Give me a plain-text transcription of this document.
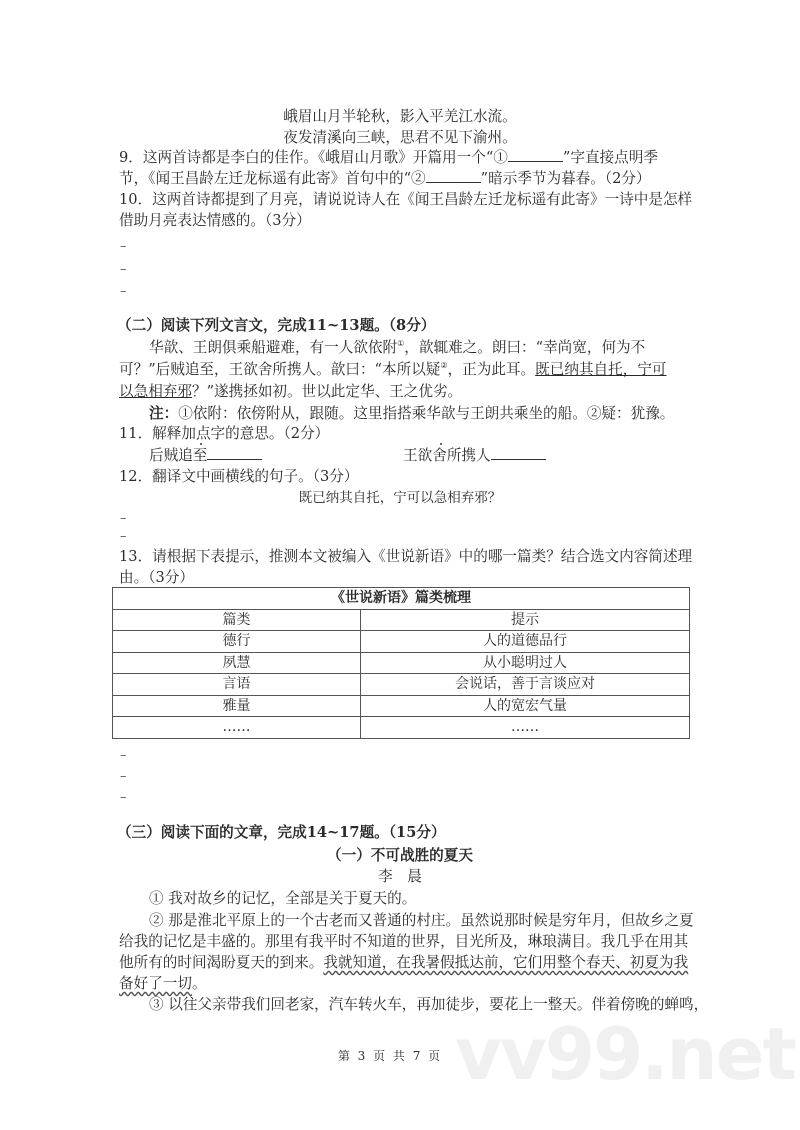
vv99.net
峨眉山月半轮秋，影入平羌江水流。
夜发清溪向三峡，思君不见下渝州。
9．这两首诗都是李白的佳作。《峨眉山月歌》开篇用一个“①	”字直接点明季
节，《闻王昌龄左迁龙标遥有此寄》首句中的“②	”暗示季节为暮春。（2分）
10．这两首诗都提到了月亮，请说说诗人在《闻王昌龄左迁龙标遥有此寄》一诗中是怎样
借助月亮表达情感的。（3分）
–
–
–
（二）阅读下列文言文，完成11~13题。（8分）
华歆、王朗俱乘船避难，有一人欲依附①，歆辄难之。朗曰：“幸尚宽，何为不
可？”后贼追至，王欲舍所携人。歆曰：“本所以疑②，正为此耳。既已纳其自托，宁可
以急相弃邪？”遂携拯如初。世以此定华、王之优劣。
注：①依附：依傍附从，跟随。这里指搭乘华歆与王朗共乘坐的船。②疑：犹豫。
11．解释加点字的意思。（2分）
后贼追至	王欲舍所携人
12．翻译文中画横线的句子。（3分）
既已纳其自托，宁可以急相弃邪？
–
–
13．请根据下表提示，推测本文被编入《世说新语》中的哪一篇类？结合选文内容简述理
由。（3分）
《世说新语》篇类梳理	
篇类	提示
德行	人的道德品行
夙慧	从小聪明过人
言语	会说话，善于言谈应对
雅量	人的宽宏气量
……	……
–
–
–
（三）阅读下面的文章，完成14~17题。（15分）
（一）不可战胜的夏天
李　晨
① 我对故乡的记忆，全部是关于夏天的。
② 那是淮北平原上的一个古老而又普通的村庄。虽然说那时候是穷年月，但故乡之夏
给我的记忆是丰盛的。那里有我平时不知道的世界，目光所及，琳琅满目。我几乎在用其
他所有的时间渴盼夏天的到来。我就知道，在我暑假抵达前，它们用整个春天、初夏为我
备好了一切。
③ 以往父亲带我们回老家，汽车转火车，再加徒步，要花上一整天。伴着傍晚的蝉鸣，
第 3 页 共 7 页
